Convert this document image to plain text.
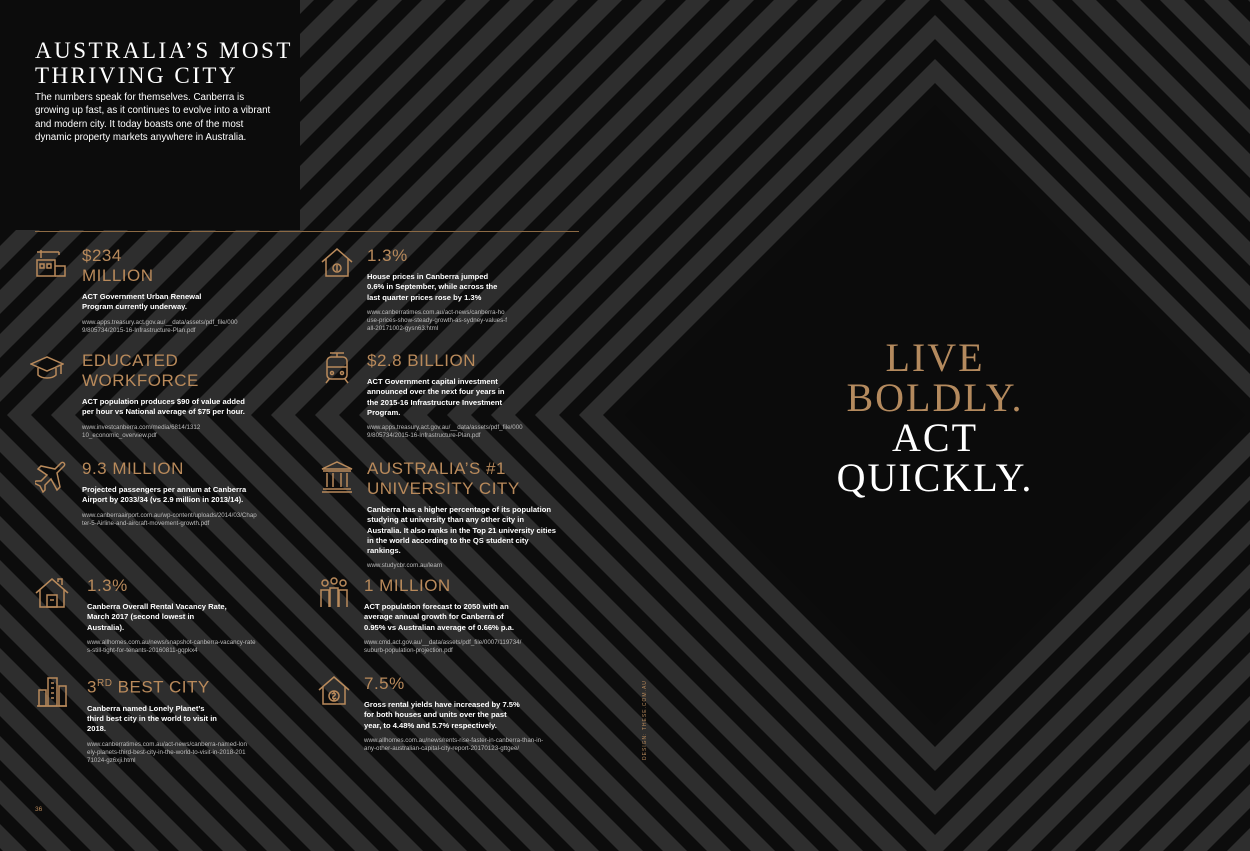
AUSTRALIA’S MOST THRIVING CITY

The numbers speak for themselves. Canberra is growing up fast, as it continues to evolve into a vibrant and modern city. It today boasts one of the most dynamic property markets anywhere in Australia.

$234 MILLION

ACT Government Urban Renewal Program currently underway.

www.apps.treasury.act.gov.au/__data/assets/pdf_file/0009/805734/2015-16-Infrastructure-Plan.pdf

1.3%

House prices in Canberra jumped 0.6% in September, while across the last quarter prices rose by 1.3%

www.canberratimes.com.au/act-news/canberra-house-prices-show-steady-growth-as-sydney-values-fall-20171002-gysn63.html

EDUCATED WORKFORCE

ACT population produces $90 of value added per hour vs National average of $75 per hour.

www.investcanberra.com/media/6814/131210_economic_overview.pdf

$2.8 BILLION

ACT Government capital investment announced over the next four years in the 2015-16 Infrastructure Investment Program.

www.apps.treasury.act.gov.au/__data/assets/pdf_file/0009/805734/2015-16-Infrastructure-Plan.pdf

9.3 MILLION

Projected passengers per annum at Canberra Airport by 2033/34 (vs 2.9 million in 2013/14).

www.canberraairport.com.au/wp-content/uploads/2014/03/Chapter-5-Airline-and-aircraft-movement-growth.pdf

AUSTRALIA’S #1 UNIVERSITY CITY

Canberra has a higher percentage of its population studying at university than any other city in Australia. It also ranks in the Top 21 university cities in the world according to the QS student city rankings.

www.studycbr.com.au/learn

1.3%

Canberra Overall Rental Vacancy Rate, March 2017 (second lowest in Australia).

www.allhomes.com.au/news/snapshot-canberra-vacancy-rates-still-tight-for-tenants-20160811-gqpkx4

1 MILLION

ACT population forecast to 2050 with an average annual growth for Canberra of 0.95% vs Australian average of 0.66% p.a.

www.cmd.act.gov.au/__data/assets/pdf_file/0007/119734/suburb-population-projection.pdf

3RD BEST CITY

Canberra named Lonely Planet’s third best city in the world to visit in 2018.

www.canberratimes.com.au/act-news/canberra-named-lonely-planets-third-best-city-in-the-world-to-visit-in-2018-20171024-gz6xji.html

7.5%

Gross rental yields have increased by 7.5% for both houses and units over the past year, to 4.48% and 5.7% respectively.

www.allhomes.com.au/news/rents-rise-faster-in-canberra-than-in-any-other-australian-capital-city-report-20170123-gttgee/

LIVE
BOLDLY.
ACT
QUICKLY.
36
DESIGN: THESE.COM.AU
